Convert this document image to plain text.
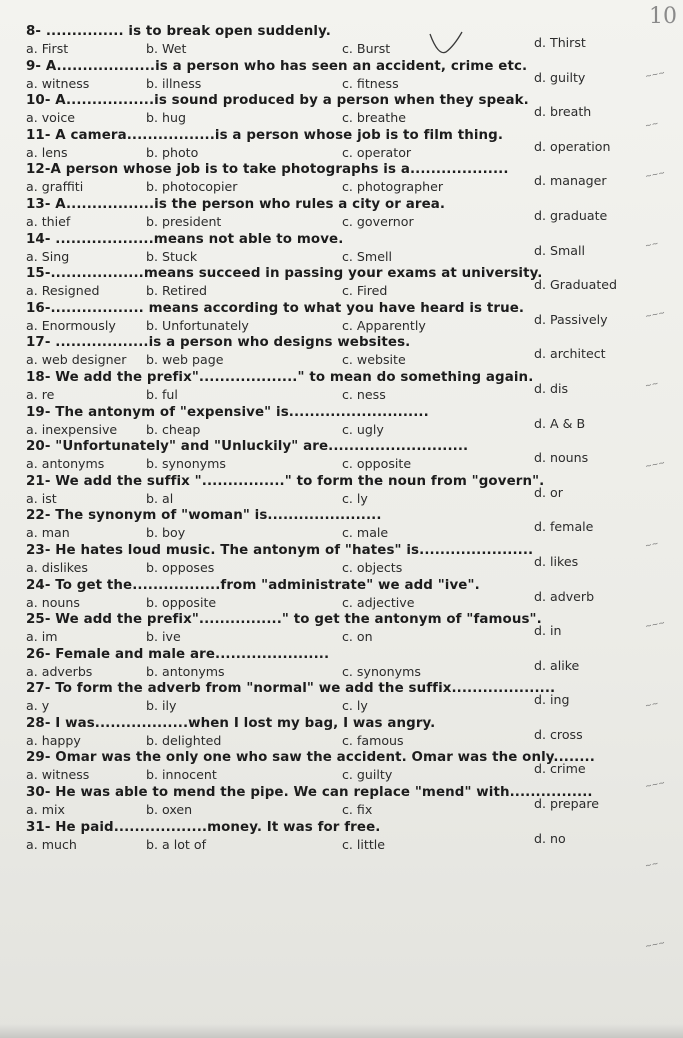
10
8- ............... is to break open suddenly.
a. First	b. Wet	c. Burst	d. Thirst
9- A...................is a person who has seen an accident, crime etc.
a. witness	b. illness	c. fitness	d. guilty
10- A.................is sound produced by a person when they speak.
a. voice	b. hug	c. breathe	d. breath
11- A camera.................is a person whose job is to film thing.
a. lens	b. photo	c. operator	d. operation
12-A person whose job is to take photographs is a...................
a. graffiti	b. photocopier	c. photographer	d. manager
13- A.................is the person who rules a city or area.
a. thief	b. president	c. governor	d. graduate
14- ...................means not able to move.
a. Sing	b. Stuck	c. Smell	d. Small
15-..................means succeed in passing your exams at university.
a. Resigned	b. Retired	c. Fired	d. Graduated
16-.................. means according to what you have heard is true.
a. Enormously b. Unfortunately	c. Apparently	d. Passively
17- ..................is a person who designs websites.
a. web designer b. web page	c. website	d. architect
18- We add the prefix"..................." to mean do something again.
a. re	b. ful	c. ness	d. dis
19- The antonym of "expensive" is...........................
a. inexpensive b. cheap	c. ugly	d. A & B
20- "Unfortunately" and "Unluckily" are...........................
a. antonyms	b. synonyms	c. opposite	d. nouns
21- We add the suffix "................" to form the noun from "govern".
a. ist	b. al	c. ly	d. or
22- The synonym of "woman" is......................
a. man	b. boy	c. male	d. female
23- He hates loud music. The antonym of "hates" is......................
a. dislikes	b. opposes	c. objects	d. likes
24- To get the.................from "administrate" we add "ive".
a. nouns	b. opposite	c. adjective	d. adverb
25- We add the prefix"................" to get the antonym of "famous".
a. im	b. ive	c. on	d. in
26- Female and male are......................
a. adverbs	b. antonyms	c. synonyms	d. alike
27- To form the adverb from "normal" we add the suffix....................
a. y	b. ily	c. ly	d. ing
28- I was..................when I lost my bag, I was angry.
a. happy	b. delighted	c. famous	d. cross
29- Omar was the only one who saw the accident. Omar was the only........
a. witness	b. innocent	c. guilty	d. crime
30- He was able to mend the pipe. We can replace "mend" with................
a. mix	b. oxen	c. fix	d. prepare
31- He paid..................money. It was for free.
a. much	b. a lot of	c. little	d. no
~~~
~~
~~~
~~
~~~
~~
~~~
~~
~~~
~~
~~~
~~
~~~
